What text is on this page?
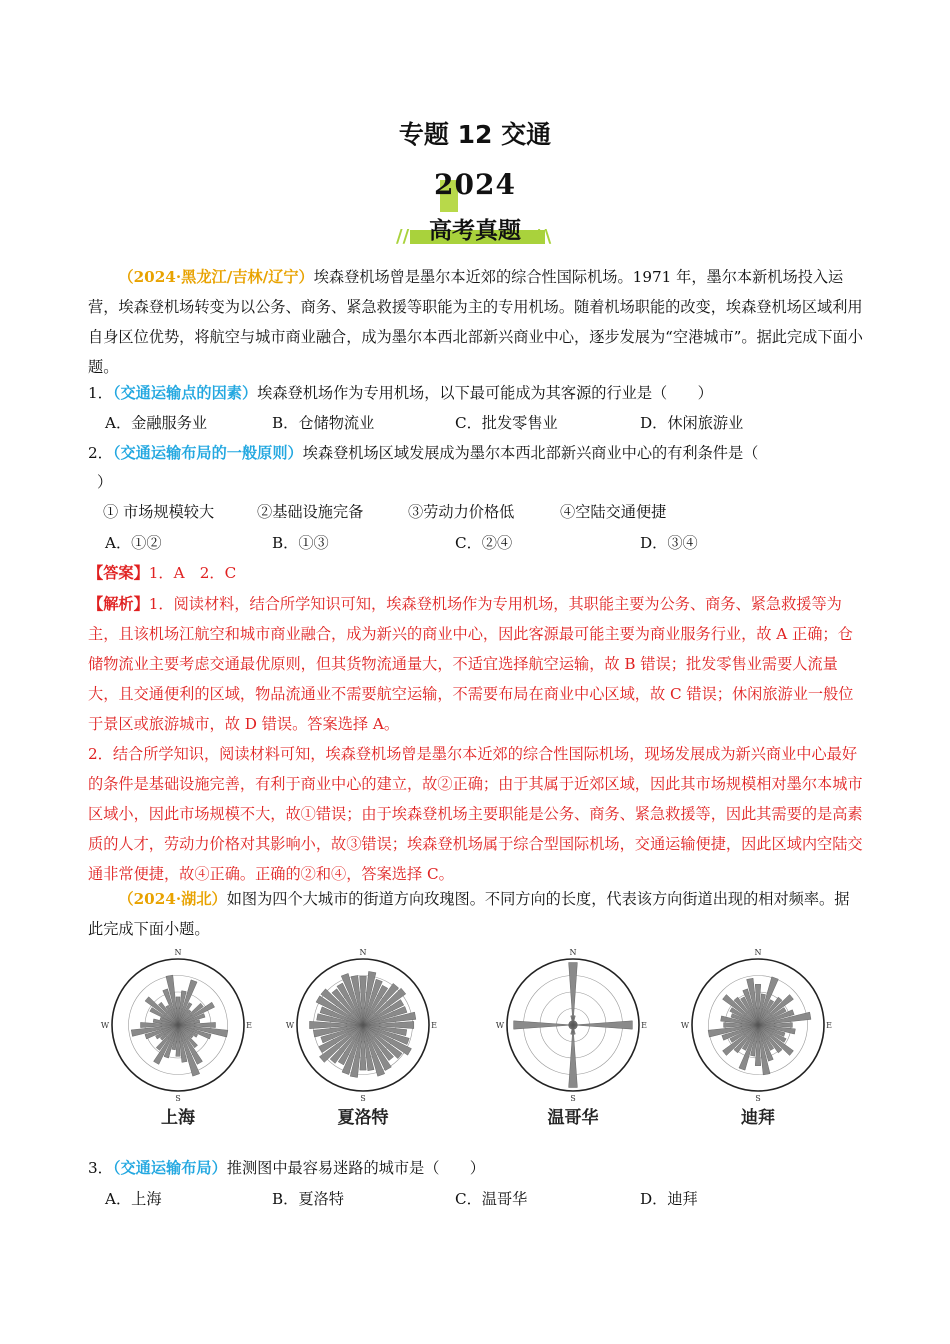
专题 12 交通
2024
// 高考真题 \\
（2024·黑龙江/吉林/辽宁）埃森登机场曾是墨尔本近郊的综合性国际机场。1971 年，墨尔本新机场投入运营，埃森登机场转变为以公务、商务、紧急救援等职能为主的专用机场。随着机场职能的改变，埃森登机场区域利用自身区位优势，将航空与城市商业融合，成为墨尔本西北部新兴商业中心，逐步发展为“空港城市”。据此完成下面小题。
1．（交通运输点的因素）埃森登机场作为专用机场，以下最可能成为其客源的行业是（　　）
A．金融服务业	B．仓储物流业	C．批发零售业	D．休闲旅游业
2．（交通运输布局的一般原则）埃森登机场区域发展成为墨尔本西北部新兴商业中心的有利条件是（
）
① 市场规模较大	②基础设施完备	③劳动力价格低	④空陆交通便捷
A．①②	B．①③	C．②④	D．③④
【答案】1．A　2．C
【解析】1．阅读材料，结合所学知识可知，埃森登机场作为专用机场，其职能主要为公务、商务、紧急救援等为主，且该机场江航空和城市商业融合，成为新兴的商业中心，因此客源最可能主要为商业服务行业，故 A 正确；仓储物流业主要考虑交通最优原则，但其货物流通量大，不适宜选择航空运输，故 B 错误；批发零售业需要人流量大，且交通便利的区域，物品流通业不需要航空运输，不需要布局在商业中心区域，故 C 错误；休闲旅游业一般位于景区或旅游城市，故 D 错误。答案选择 A。
2．结合所学知识，阅读材料可知，埃森登机场曾是墨尔本近郊的综合性国际机场，现场发展成为新兴商业中心最好的条件是基础设施完善，有利于商业中心的建立，故②正确；由于其属于近郊区域，因此其市场规模相对墨尔本城市区域小，因此市场规模不大，故①错误；由于埃森登机场主要职能是公务、商务、紧急救援等，因此其需要的是高素质的人才，劳动力价格对其影响小，故③错误；埃森登机场属于综合型国际机场，交通运输便捷，因此区域内空陆交通非常便捷，故④正确。正确的②和④，答案选择 C。
（2024·湖北）如图为四个大城市的街道方向玫瑰图。不同方向的长度，代表该方向街道出现的相对频率。据此完成下面小题。
N
E
S
W
上海
N
E
S
W
夏洛特
N
E
S
W
温哥华
N
E
S
W
迪拜
3．（交通运输布局）推测图中最容易迷路的城市是（　　）
A．上海	B．夏洛特	C．温哥华	D．迪拜
